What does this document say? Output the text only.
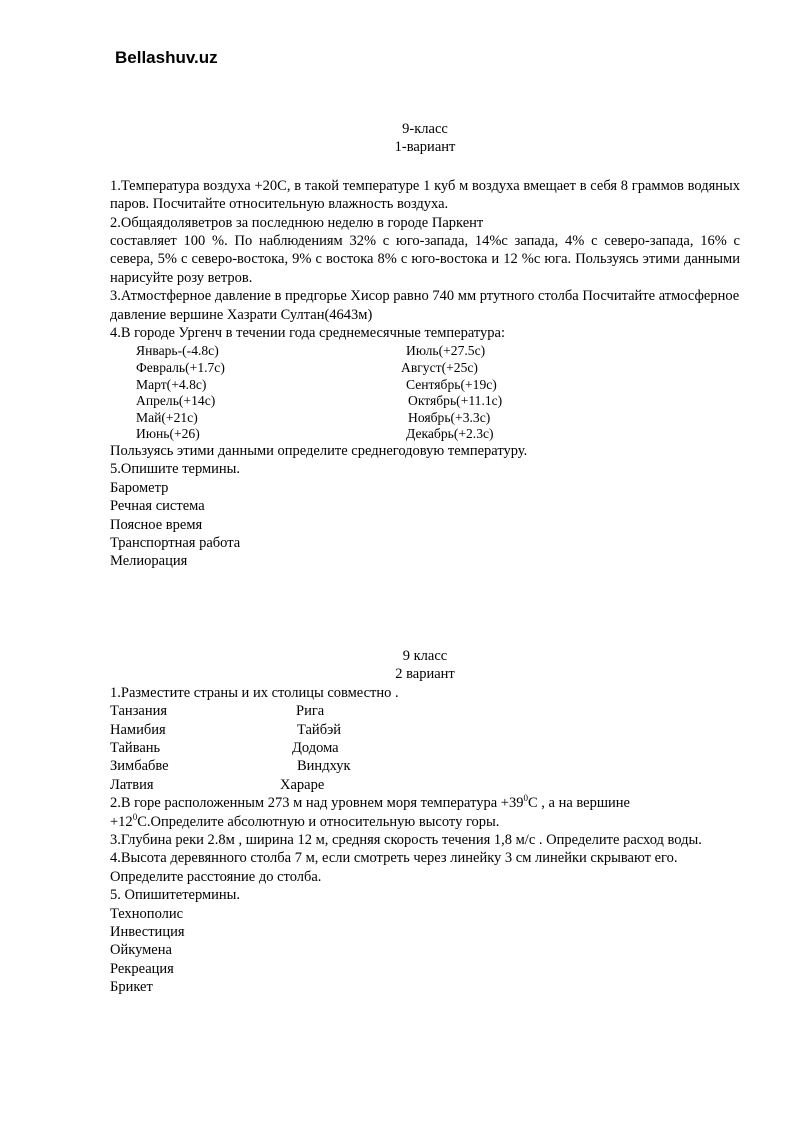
Bellashuv.uz

9-класс

1-вариант

1.Температура воздуха +20С, в такой температуре 1 куб м воздуха вмещает в себя 8 граммов водяных паров. Посчитайте относительную влажность воздуха.

2.Общаядоляветров за последнюю неделю в городе Паркент

составляет 100 %. По наблюдениям 32% с юго-запада, 14%с запада, 4% с северо-запада, 16% с севера, 5% с северо-востока, 9% с востока 8% с юго-востока и 12 %с юга. Пользуясь этими данными нарисуйте розу ветров.

3.Атмостферное давление в предгорье Хисор равно 740 мм ртутного столба Посчитайте атмосферное давление вершине Хазрати Султан(4643м)

4.В городе Ургенч в течении года среднемесячные температура:

Январь-(-4.8с)	Июль(+27.5с)
Февраль(+1.7с)	Август(+25с)
Март(+4.8с)	Сентябрь(+19с)
Апрель(+14с)	Октябрь(+11.1с)
Май(+21с)	Ноябрь(+3.3с)
Июнь(+26)	Декабрь(+2.3с)

Пользуясь этими данными определите среднегодовую температуру.

5.Опишите термины.

Барометр

Речная система

Поясное время

Транспортная работа

Мелиорация

9 класс

2 вариант

1.Разместите страны и их столицы совместно .

Танзания	Рига
Намибия	Тайбэй
Тайвань	Додома
Зимбабве	Виндхук
Латвия	Хараре

2.В горе расположенным 273 м над уровнем моря температура $+39^0С$ , а на вершине $+12^0С.Определите$ абсолютную и относительную высоту горы.

3.Глубина реки 2.8м , ширина 12 м, средняя скорость течения 1,8 м/с . Определите расход воды.

4.Высота деревянного столба 7 м, если смотреть через линейку 3 см линейки скрывают его. Определите расстояние до столба.

5. Опишитетермины.

Технополис

Инвестиция

Ойкумена

Рекреация

Брикет
